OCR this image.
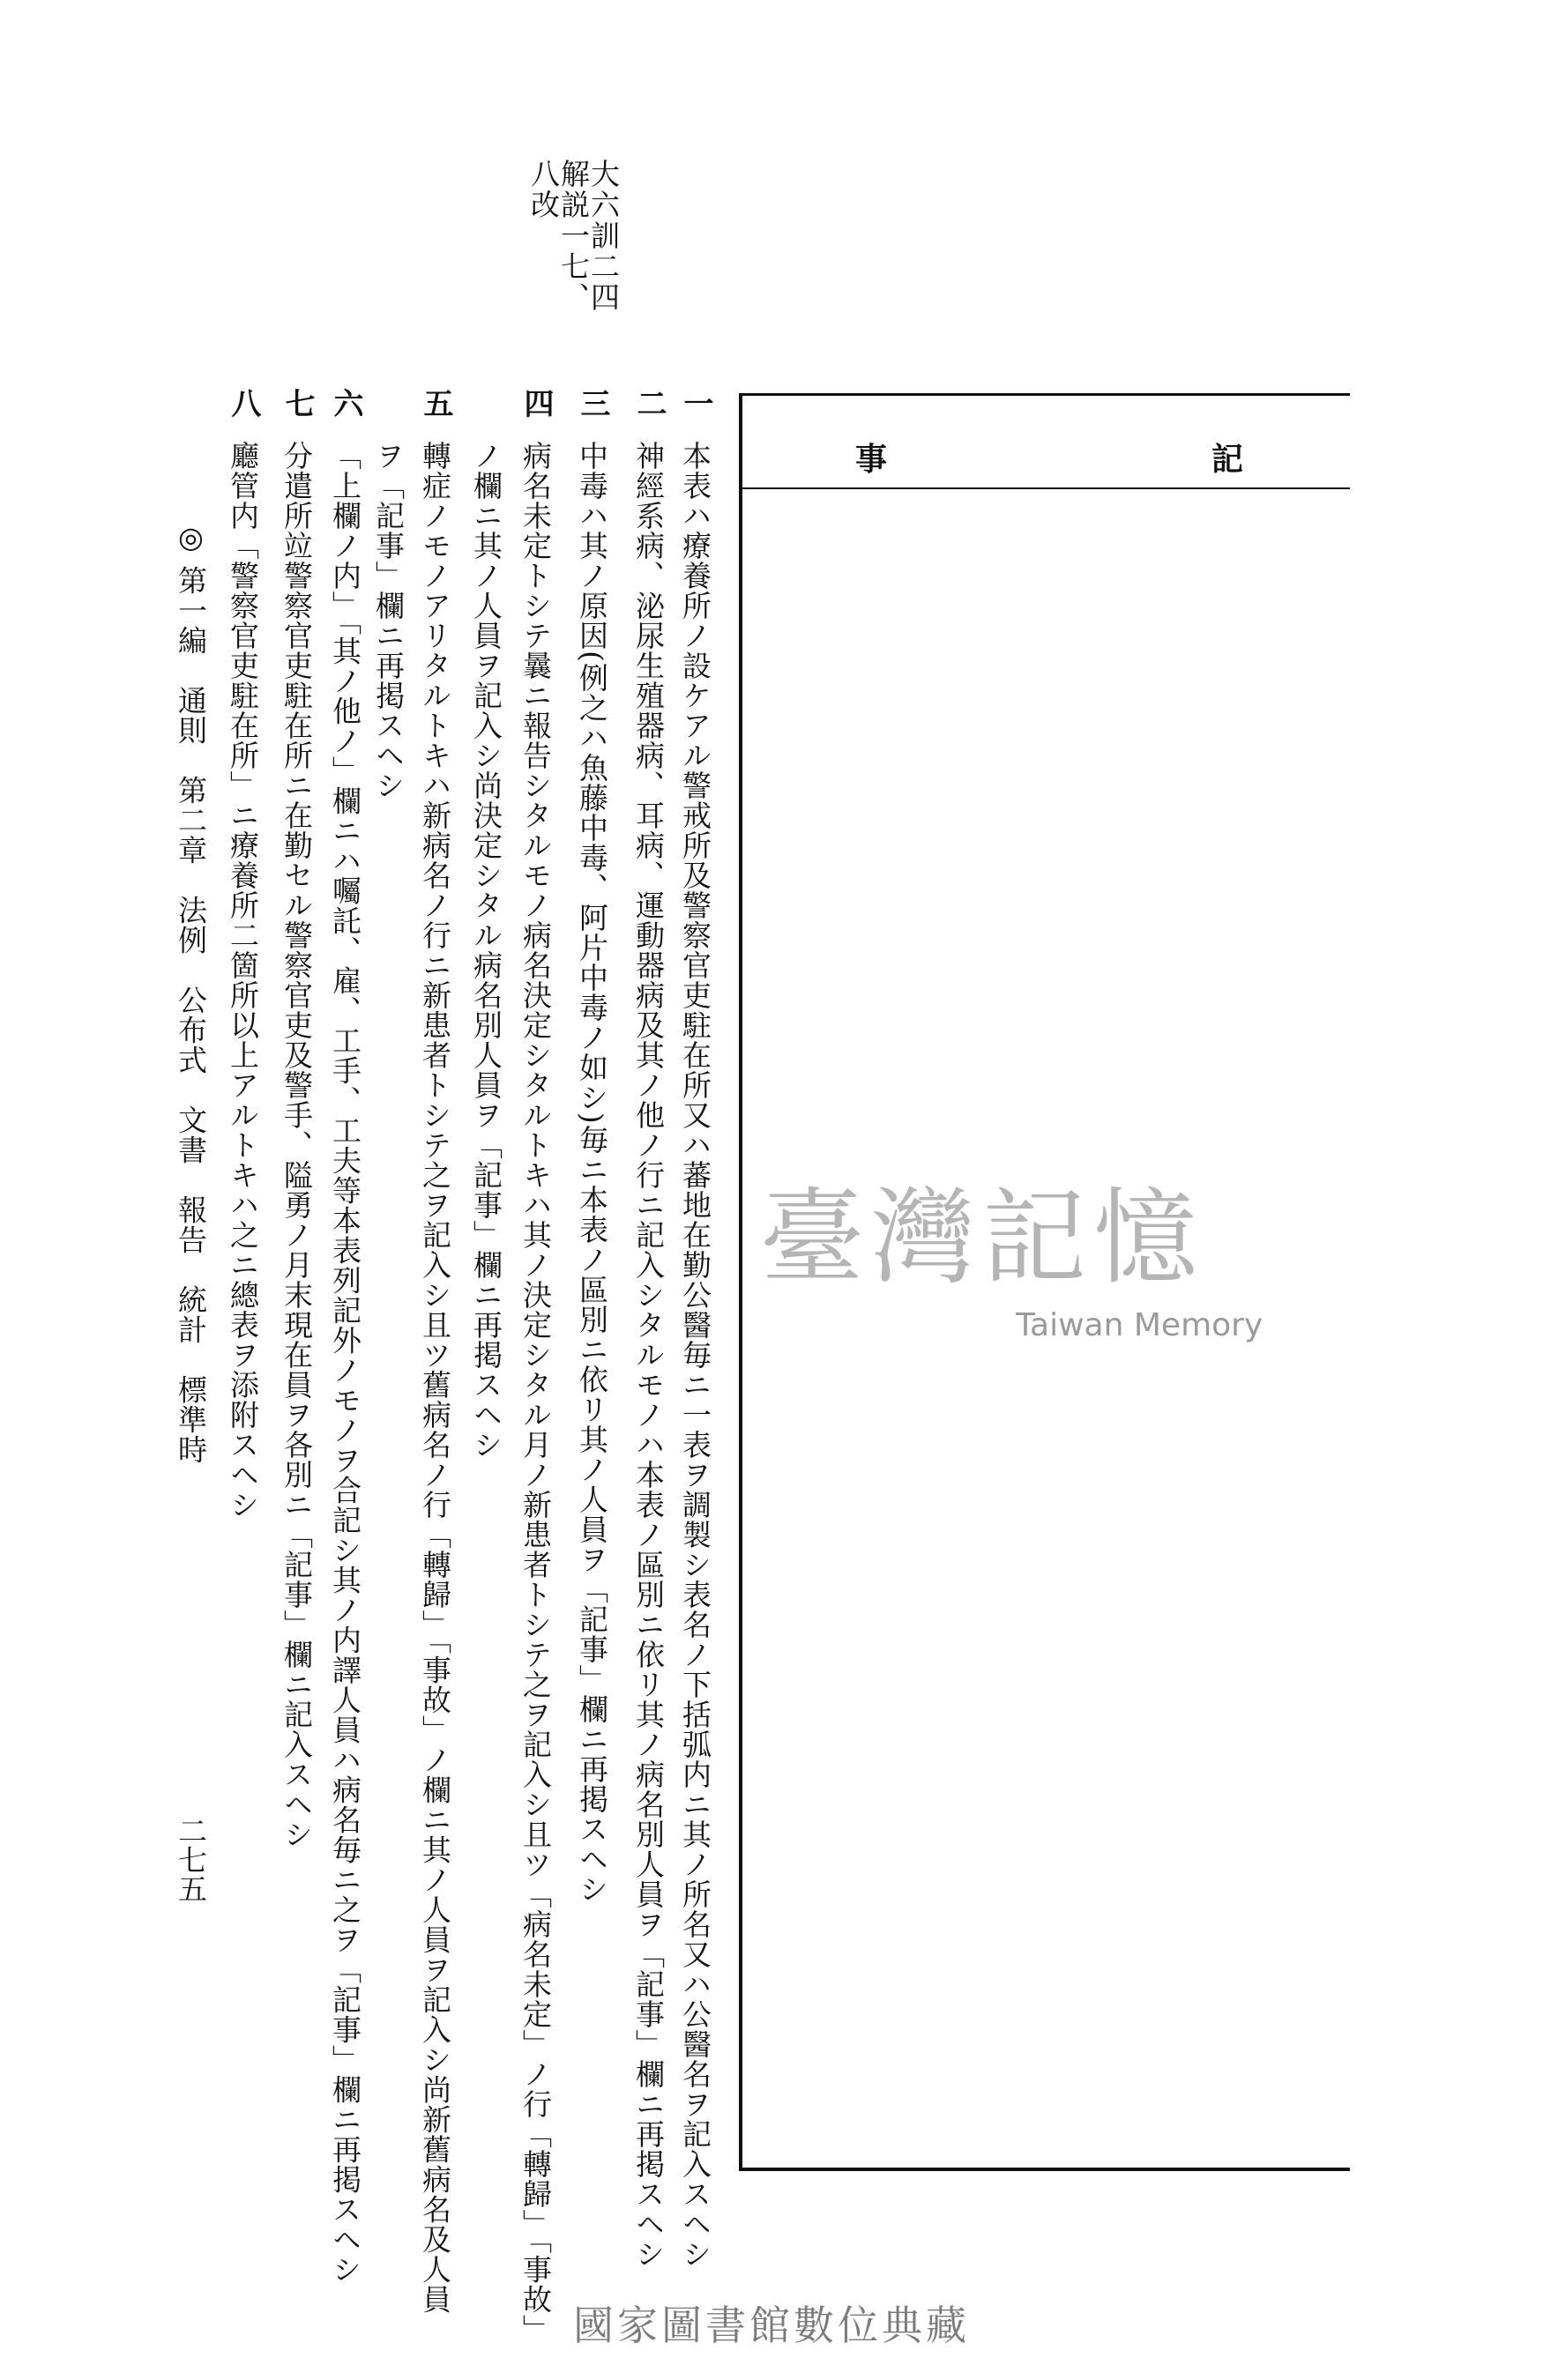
大六訓二四
解説一七、
八改
一
二
三
四
五
六
七
八
本表ハ療養所ノ設ケアル警戒所及警察官吏駐在所又ハ蕃地在勤公醫毎ニ一表ヲ調製シ表名ノ下括弧内ニ其ノ所名又ハ公醫名ヲ記入スヘシ
神經系病、泌尿生殖器病、耳病、運動器病及其ノ他ノ行ニ記入シタルモノハ本表ノ區別ニ依リ其ノ病名別人員ヲ「記事」欄ニ再掲スヘシ
中毒ハ其ノ原因(例之ハ魚藤中毒、阿片中毒ノ如シ)毎ニ本表ノ區別ニ依リ其ノ人員ヲ「記事」欄ニ再掲スヘシ
病名未定トシテ曩ニ報告シタルモノ病名決定シタルトキハ其ノ決定シタル月ノ新患者トシテ之ヲ記入シ且ツ「病名未定」ノ行「轉歸」「事故」
ノ欄ニ其ノ人員ヲ記入シ尚決定シタル病名別人員ヲ「記事」欄ニ再掲スヘシ
轉症ノモノアリタルトキハ新病名ノ行ニ新患者トシテ之ヲ記入シ且ツ舊病名ノ行「轉歸」「事故」ノ欄ニ其ノ人員ヲ記入シ尚新舊病名及人員
ヲ「記事」欄ニ再掲スヘシ
「上欄ノ内」「其ノ他ノ」欄ニハ囑託、雇、工手、工夫等本表列記外ノモノヲ合記シ其ノ内譯人員ハ病名毎ニ之ヲ「記事」欄ニ再掲スヘシ
分遣所竝警察官吏駐在所ニ在勤セル警察官吏及警手、隘勇ノ月末現在員ヲ各別ニ「記事」欄ニ記入スヘシ
廳管内「警察官吏駐在所」ニ療養所二箇所以上アルトキハ之ニ總表ヲ添附スヘシ	記
事
◎ 第一編　通則　第二章　法例　公布式　文書　報告　統計　標準時
二七五
臺灣記憶
Taiwan Memory
國家圖書館數位典藏
